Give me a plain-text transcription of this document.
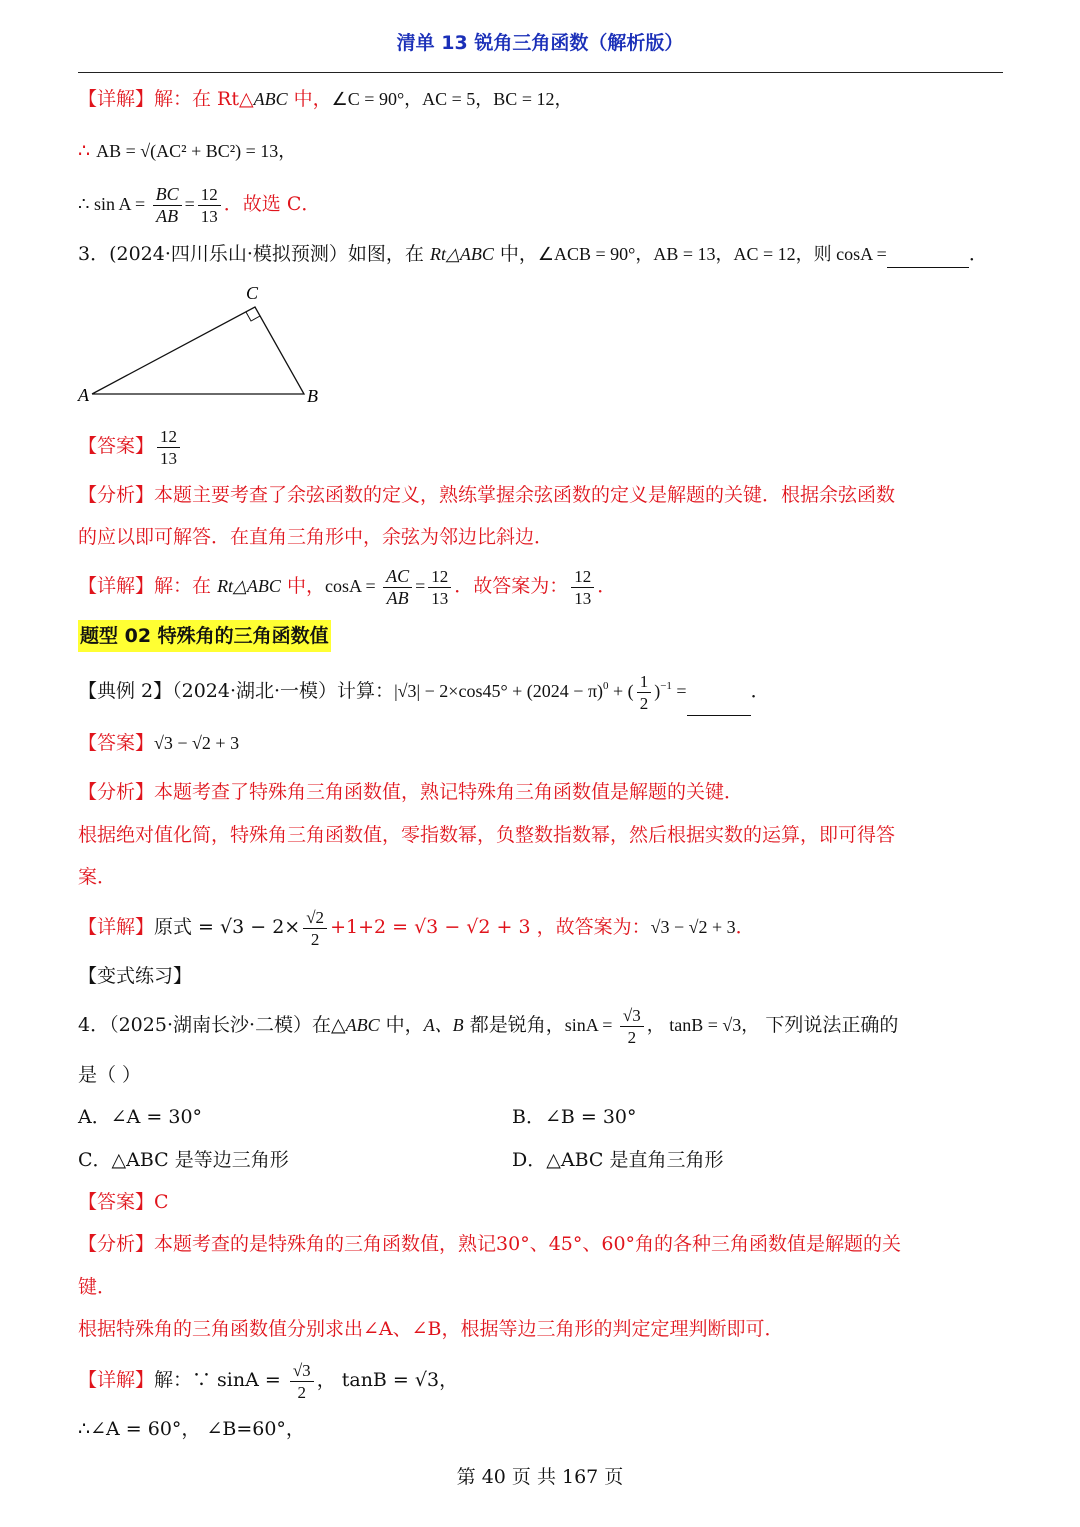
清单 13 锐角三角函数（解析版）
【详解】解：在 Rt△ABC 中，∠C = 90°，AC = 5，BC = 12，
∴ AB = √(AC² + BC²) = 13，
∴ $\sin A = \frac{BC}{AB} = \frac{12}{13}$ ．故选 C．
3．(2024·四川乐山·模拟预测）如图，在 Rt△ABC 中，∠ACB = 90°，AB = 13，AC = 12，则 cosA =	．
A	B
C
【答案】 $\frac{12}{13}$
【分析】本题主要考查了余弦函数的定义，熟练掌握余弦函数的定义是解题的关键．根据余弦函数
的应以即可解答．在直角三角形中，余弦为邻边比斜边．
【详解】解：在 Rt△ABC 中，$\cos A = \frac{AC}{AB} = \frac{12}{13}$ ．故答案为： $\frac{12}{13}$ ．
题型 02 特殊角的三角函数值
【典例 2】（2024·湖北·一模）计算：$|√3| - 2\times\cos 45^\circ + (2024 - \pi)^0$ + ( $\frac{1}{2} )^{-1}$ =	．
【答案】√3 − √2 + 3
【分析】本题考查了特殊角三角函数值，熟记特殊角三角函数值是解题的关键．
根据绝对值化简，特殊角三角函数值，零指数幂，负整数指数幂，然后根据实数的运算，即可得答
案．
【详解】原式 = $√3 - 2\times \frac{√2}{2} +1+2 = √3 - √2 + 3$ ，故答案为：√3 − √2 + 3．
【变式练习】
4．（2025·湖南长沙·二模）在△ABC 中，A、B 都是锐角，$\sin A = \frac{√3}{2}$ ， tanB = √3， 下列说法正确的
是（ ）
A．∠A = 30°	B．∠B = 30°
C．△ABC 是等边三角形	D．△ABC 是直角三角形
【答案】C
【分析】本题考查的是特殊角的三角函数值，熟记30°、45°、60°角的各种三角函数值是解题的关
键．
根据特殊角的三角函数值分别求出∠A、∠B，根据等边三角形的判定定理判断即可．
【详解】解：∵ $\sin A = \frac{√3}{2}$ ， tanB = √3，
∴∠A = 60°， ∠B=60°，
第 40 页 共 167 页
